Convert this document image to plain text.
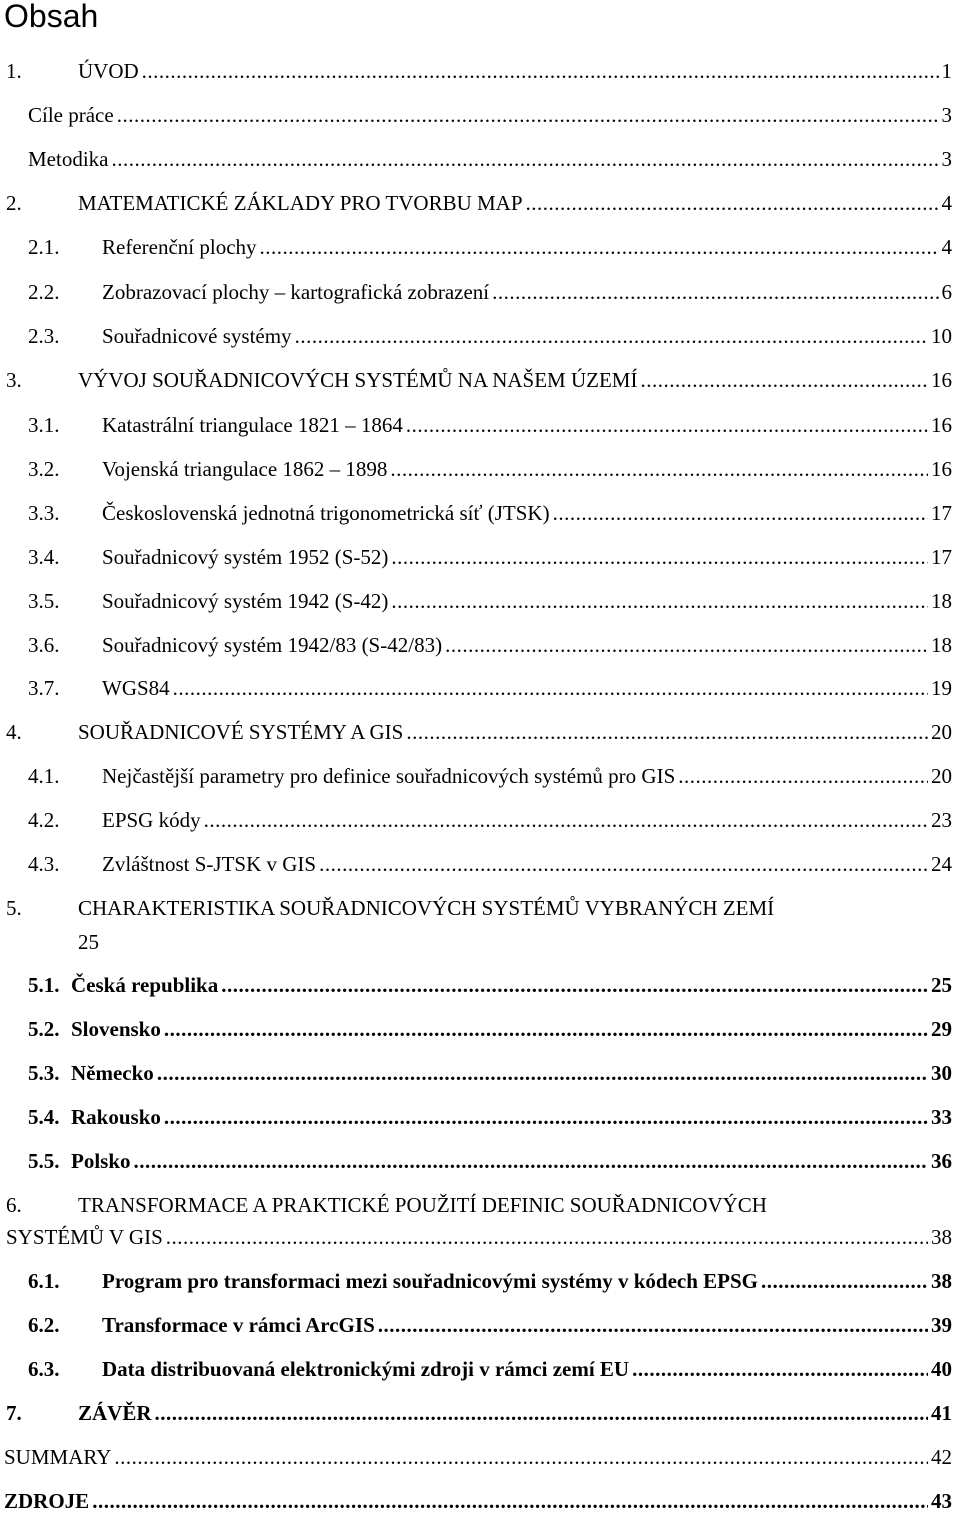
Obsah
1.	ÚVOD .....	1
Cíle práce .....	3
Metodika .....	3
2.	MATEMATICKÉ ZÁKLADY PRO TVORBU MAP .....	4
2.1.	Referenční plochy .....	4
2.2.	Zobrazovací plochy – kartografická zobrazení .....	6
2.3.	Souřadnicové systémy .....	10
3.	VÝVOJ SOUŘADNICOVÝCH SYSTÉMŮ NA NAŠEM ÚZEMÍ .....	16
3.1.	Katastrální triangulace 1821 – 1864 .....	16
3.2.	Vojenská triangulace 1862 – 1898 .....	16
3.3.	Československá jednotná trigonometrická síť (JTSK) .....	17
3.4.	Souřadnicový systém 1952 (S-52) .....	17
3.5.	Souřadnicový systém 1942 (S-42) .....	18
3.6.	Souřadnicový systém 1942/83 (S-42/83) .....	18
3.7.	WGS84 .....	19
4.	SOUŘADNICOVÉ SYSTÉMY A GIS .....	20
4.1.	Nejčastější parametry pro definice souřadnicových systémů pro GIS .....	20
4.2.	EPSG kódy .....	23
4.3.	Zvláštnost S-JTSK v GIS .....	24
5.	CHARAKTERISTIKA SOUŘADNICOVÝCH SYSTÉMŮ VYBRANÝCH ZEMÍ
25
5.1. Česká republika .....	25
5.2. Slovensko .....	29
5.3. Německo .....	30
5.4. Rakousko .....	33
5.5. Polsko .....	36
6.	TRANSFORMACE A PRAKTICKÉ POUŽITÍ DEFINIC SOUŘADNICOVÝCH
SYSTÉMŮ V GIS .....	38
6.1.	Program pro transformaci mezi souřadnicovými systémy v kódech EPSG .....	38
6.2.	Transformace v rámci ArcGIS .....	39
6.3.	Data distribuovaná elektronickými zdroji v rámci zemí EU .....	40
7.	ZÁVĚR .....	41
SUMMARY .....	42
ZDROJE .....	43
